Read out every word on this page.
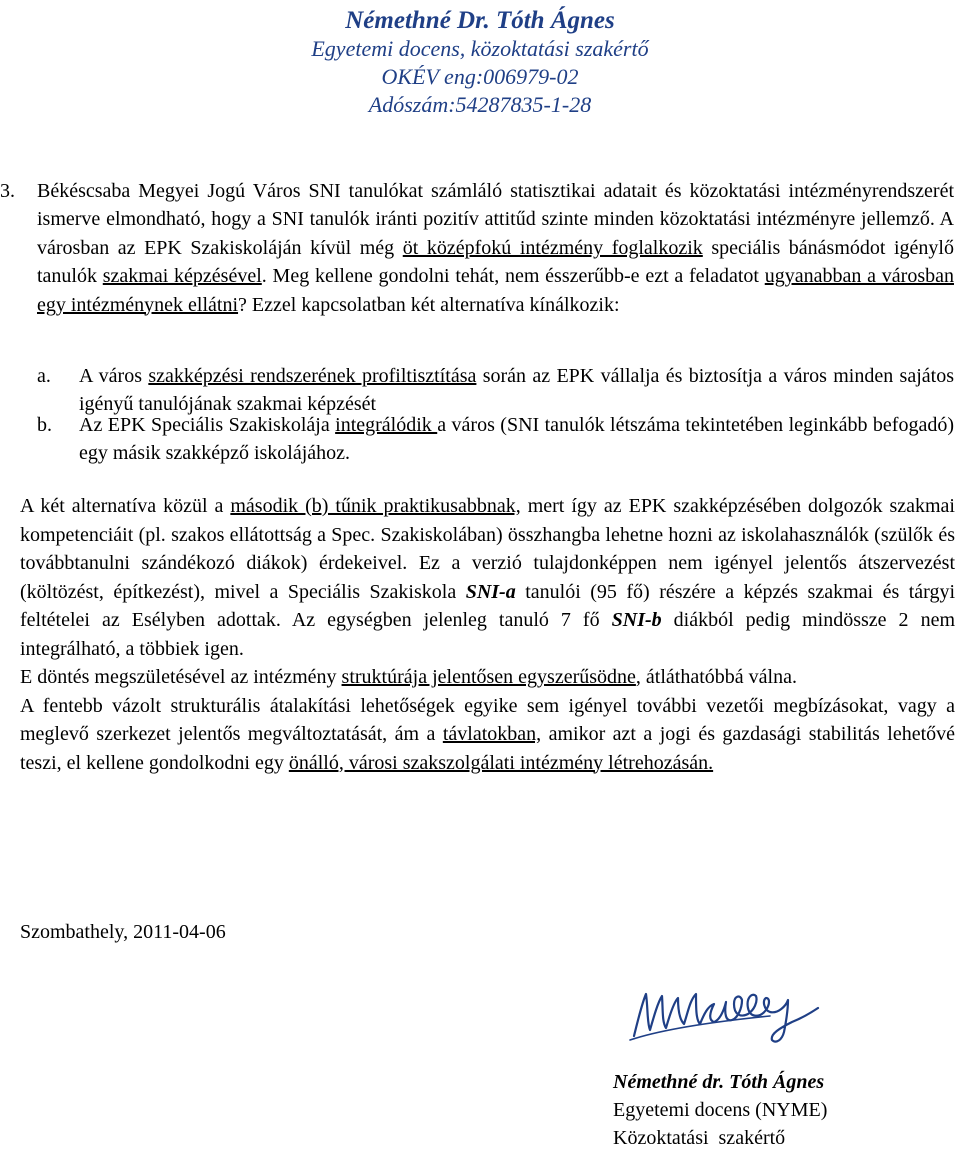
Némethné Dr. Tóth Ágnes
Egyetemi docens, közoktatási szakértő
OKÉV eng:006979-02
Adószám:54287835-1-28
3. Békéscsaba Megyei Jogú Város SNI tanulókat számláló statisztikai adatait és közoktatási intézményrendszerét ismerve elmondható, hogy a SNI tanulók iránti pozitív attitűd szinte minden közoktatási intézményre jellemző. A városban az EPK Szakiskoláján kívül még öt középfokú intézmény foglalkozik speciális bánásmódot igénylő tanulók szakmai képzésével. Meg kellene gondolni tehát, nem ésszerűbb-e ezt a feladatot ugyanabban a városban egy intézménynek ellátni? Ezzel kapcsolatban két alternatíva kínálkozik:
a. A város szakképzési rendszerének profiltisztítása során az EPK vállalja és biztosítja a város minden sajátos igényű tanulójának szakmai képzését
b. Az EPK Speciális Szakiskolája integrálódik a város (SNI tanulók létszáma tekintetében leginkább befogadó) egy másik szakképző iskolájához.

A két alternatíva közül a második (b) tűnik praktikusabbnak, mert így az EPK szakképzésében dolgozók szakmai kompetenciáit (pl. szakos ellátottság a Spec. Szakiskolában) összhangba lehetne hozni az iskolahasználók (szülők és továbbtanulni szándékozó diákok) érdekeivel. Ez a verzió tulajdonképpen nem igényel jelentős átszervezést (költözést, építkezést), mivel a Speciális Szakiskola SNI-a tanulói (95 fő) részére a képzés szakmai és tárgyi feltételei az Esélyben adottak. Az egységben jelenleg tanuló 7 fő SNI-b diákból pedig mindössze 2 nem integrálható, a többiek igen.

E döntés megszületésével az intézmény struktúrája jelentősen egyszerűsödne, átláthatóbbá válna.

A fentebb vázolt strukturális átalakítási lehetőségek egyike sem igényel további vezetői megbízásokat, vagy a meglevő szerkezet jelentős megváltoztatását, ám a távlatokban, amikor azt a jogi és gazdasági stabilitás lehetővé teszi, el kellene gondolkodni egy önálló, városi szakszolgálati intézmény létrehozásán.

Szombathely, 2011-04-06
Némethné dr. Tóth Ágnes
Egyetemi docens (NYME)
Közoktatási  szakértő
